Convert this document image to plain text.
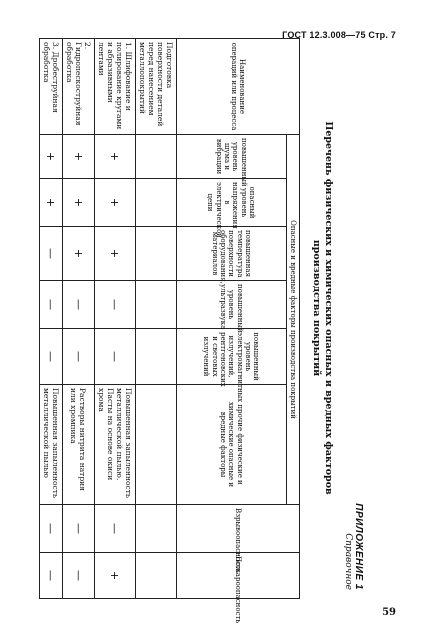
ГОСТ 12.3.008—75 Стр. 7
ПРИЛОЖЕНИЕ 1
Справочное
Перечень физических и химических опасных и вредных факторов
производства покрытий
Наименование операций или процесса	Опасные и вредные факторы производства покрытий						Взрывоопасность	Пожароопасность
	повышенный уровень шума и вибрации	опасный уровень напряжения в электрической цепи	повышенная температура поверхности оборудования, материалов	повышенный уровень ультразвука	повышенный уровень электромагнитных излучений, рентгеновских и световых излучений	прочие физические и химические опасные и вредные факторы		
Подготовка поверхности деталей перед нанесением металлопокрытий								
1. Шлифование и полирование кругами и абразивными лентами	+	+	+	—	—	Повышенная запыленность металлической пылью. Пасты на основе окиси хрома	—	+
2. Гидропескоструйная обработка	+	+	+	—	—	Растворы нитрита натрия или хромпика	—	—
3. Дробеструйная обработка	+	+	—	—	—	Повышенная запыленность металлической пылью	—	—
59
